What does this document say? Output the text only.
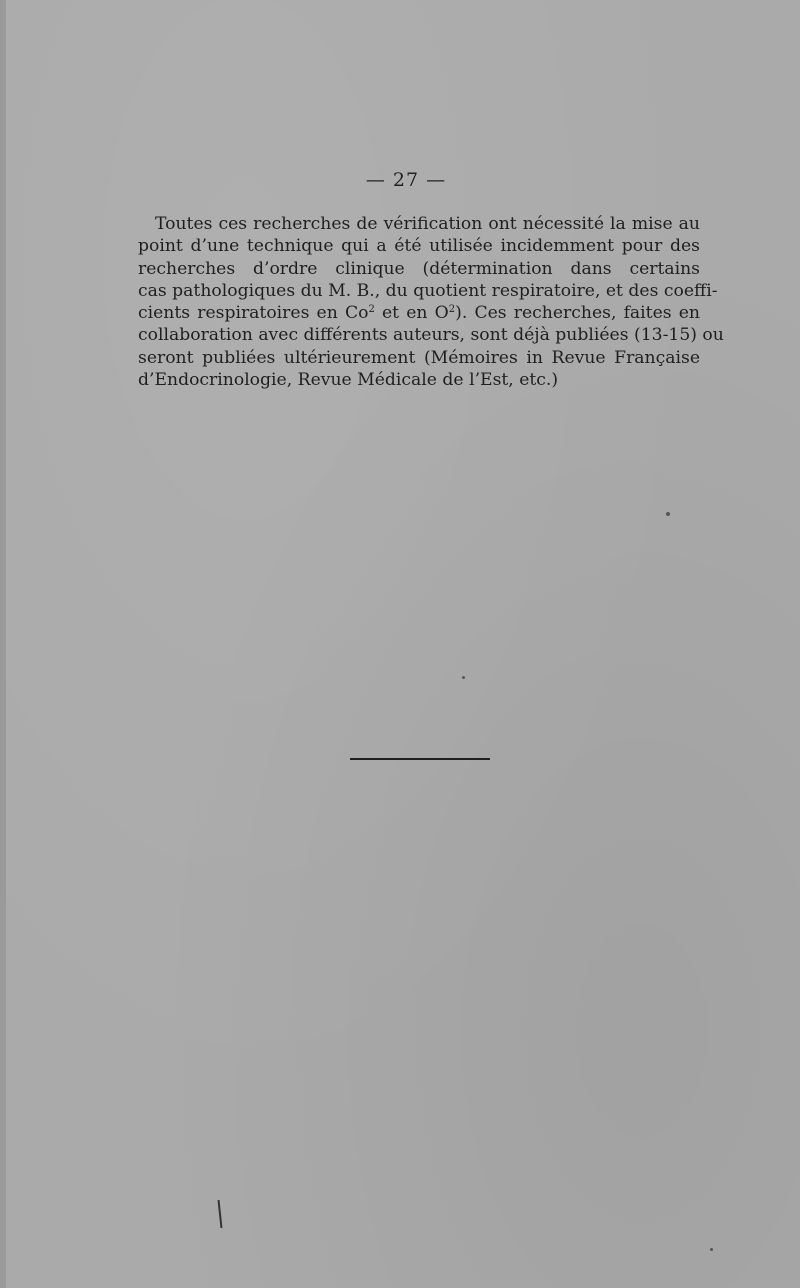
— 27 —
Toutes ces recherches de vérification ont nécessité la mise au
point d’une technique qui a été utilisée incidemment pour des
recherches d’ordre clinique (détermination dans certains
cas pathologiques du M. B., du quotient respiratoire, et des coeffi-
cients respiratoires en Co$^2$ et en $O^2$). Ces recherches, faites en
collaboration avec différents auteurs, sont déjà publiées (13-15) ou
seront publiées ultérieurement (Mémoires in Revue Française
d’Endocrinologie, Revue Médicale de l’Est, etc.)
